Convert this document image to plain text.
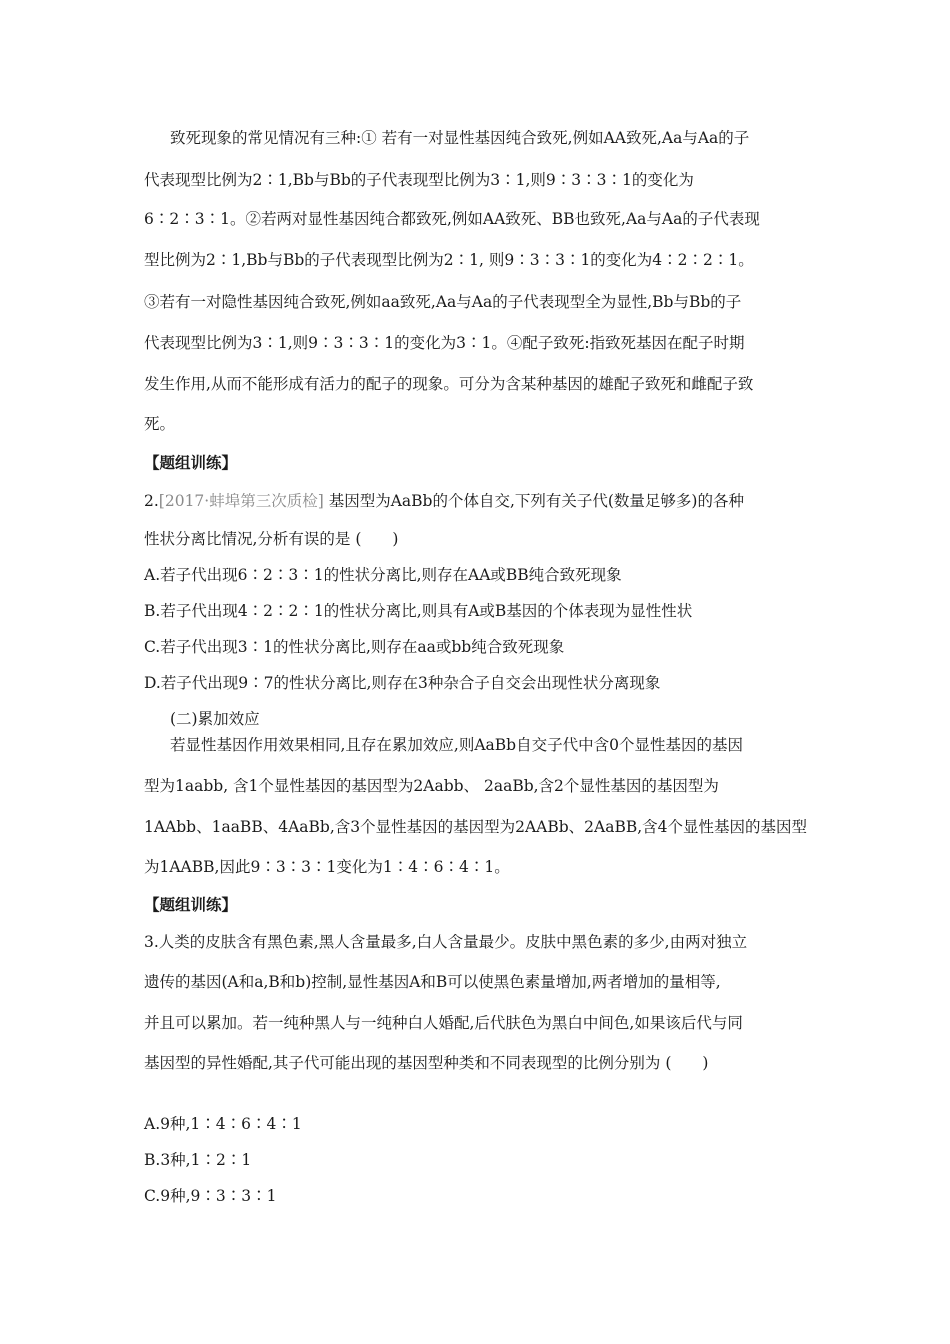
致死现象的常见情况有三种:① 若有一对显性基因纯合致死,例如AA致死,Aa与Aa的子
代表现型比例为2∶1,Bb与Bb的子代表现型比例为3∶1,则9∶3∶3∶1的变化为
6∶2∶3∶1。②若两对显性基因纯合都致死,例如AA致死、BB也致死,Aa与Aa的子代表现
型比例为2∶1,Bb与Bb的子代表现型比例为2∶1, 则9∶3∶3∶1的变化为4∶2∶2∶1。
③若有一对隐性基因纯合致死,例如aa致死,Aa与Aa的子代表现型全为显性,Bb与Bb的子
代表现型比例为3∶1,则9∶3∶3∶1的变化为3∶1。④配子致死:指致死基因在配子时期
发生作用,从而不能形成有活力的配子的现象。可分为含某种基因的雄配子致死和雌配子致
死。
【题组训练】
2.[2017·蚌埠第三次质检] 基因型为AaBb的个体自交,下列有关子代(数量足够多)的各种
性状分离比情况,分析有误的是 (　　)
A.若子代出现6∶2∶3∶1的性状分离比,则存在AA或BB纯合致死现象
B.若子代出现4∶2∶2∶1的性状分离比,则具有A或B基因的个体表现为显性性状
C.若子代出现3∶1的性状分离比,则存在aa或bb纯合致死现象
D.若子代出现9∶7的性状分离比,则存在3种杂合子自交会出现性状分离现象
(二)累加效应
若显性基因作用效果相同,且存在累加效应,则AaBb自交子代中含0个显性基因的基因
型为1aabb, 含1个显性基因的基因型为2Aabb、 2aaBb,含2个显性基因的基因型为
1AAbb、1aaBB、4AaBb,含3个显性基因的基因型为2AABb、2AaBB,含4个显性基因的基因型
为1AABB,因此9∶3∶3∶1变化为1∶4∶6∶4∶1。
【题组训练】
3.人类的皮肤含有黑色素,黑人含量最多,白人含量最少。皮肤中黑色素的多少,由两对独立
遗传的基因(A和a,B和b)控制,显性基因A和B可以使黑色素量增加,两者增加的量相等,
并且可以累加。若一纯种黑人与一纯种白人婚配,后代肤色为黑白中间色,如果该后代与同
基因型的异性婚配,其子代可能出现的基因型种类和不同表现型的比例分别为 (　　)
A.9种,1∶4∶6∶4∶1
B.3种,1∶2∶1
C.9种,9∶3∶3∶1
